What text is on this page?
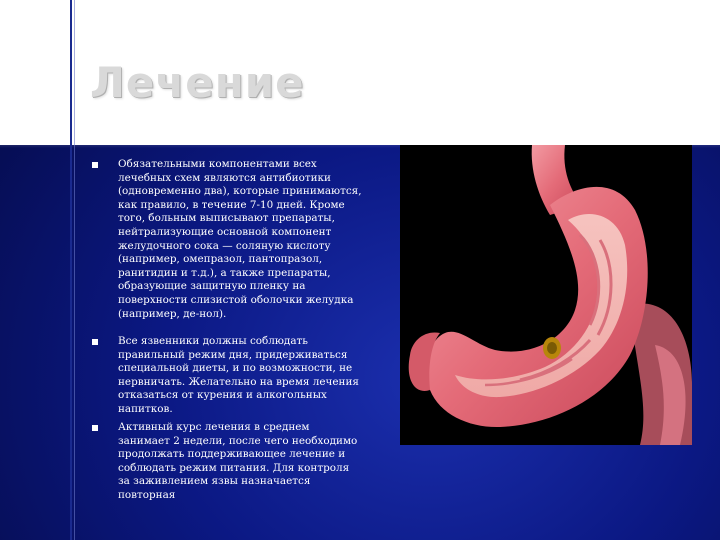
Лечение
Обязательными компонентами всех лечебных схем являются антибиотики (одновременно два), которые принимаются, как правило, в течение 7-10 дней. Кроме того, больным выписывают препараты, нейтрализующие основной компонент желудочного сока — соляную кислоту (например, омепразол, пантопразол, ранитидин и т.д.), а также препараты, образующие защитную пленку на поверхности слизистой оболочки желудка (например, де-нол).
Все язвенники должны соблюдать правильный режим дня, придерживаться специальной диеты, и по возможности, не нервничать. Желательно на время лечения отказаться от курения и алкогольных напитков.
Активный курс лечения в среднем занимает 2 недели, после чего необходимо продолжать поддерживающее лечение и соблюдать режим питания. Для контроля за заживлением язвы назначается повторная
